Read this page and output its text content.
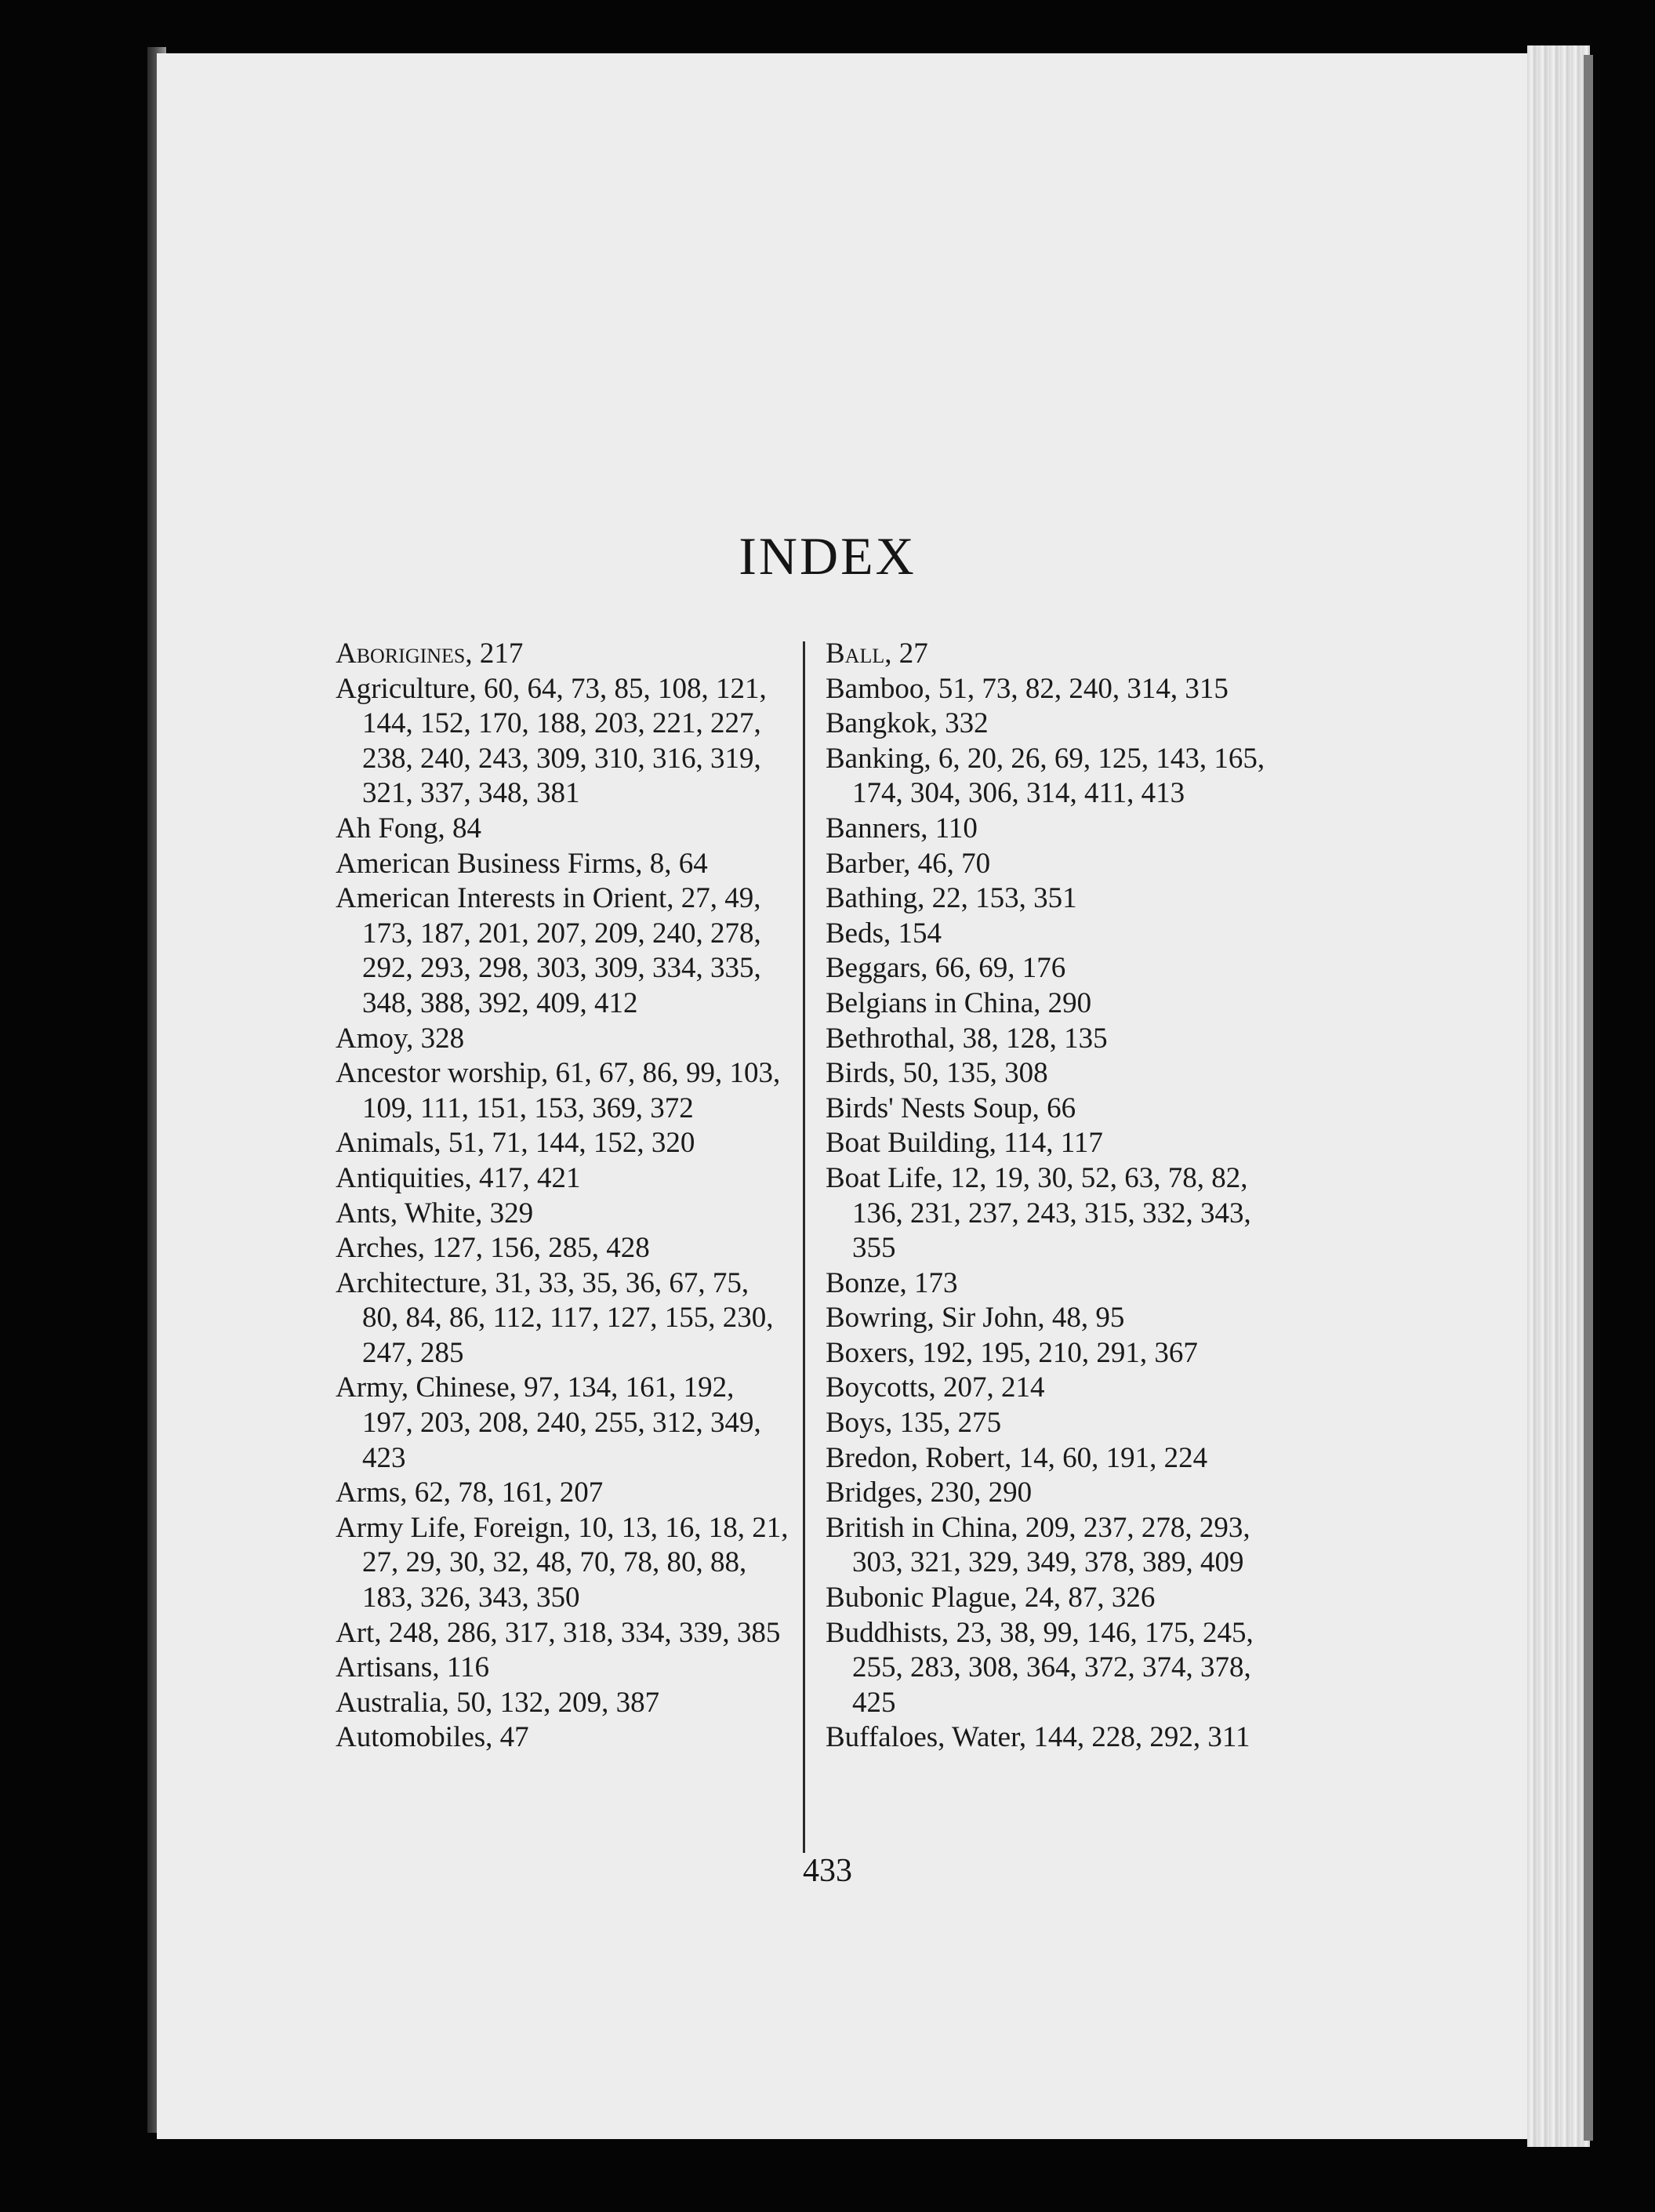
INDEX

Aborigines, 217

Agriculture, 60, 64, 73, 85, 108, 121, 144, 152, 170, 188, 203, 221, 227, 238, 240, 243, 309, 310, 316, 319, 321, 337, 348, 381

Ah Fong, 84

American Business Firms, 8, 64

American Interests in Orient, 27, 49, 173, 187, 201, 207, 209, 240, 278, 292, 293, 298, 303, 309, 334, 335, 348, 388, 392, 409, 412

Amoy, 328

Ancestor worship, 61, 67, 86, 99, 103, 109, 111, 151, 153, 369, 372

Animals, 51, 71, 144, 152, 320

Antiquities, 417, 421

Ants, White, 329

Arches, 127, 156, 285, 428

Architecture, 31, 33, 35, 36, 67, 75, 80, 84, 86, 112, 117, 127, 155, 230, 247, 285

Army, Chinese, 97, 134, 161, 192, 197, 203, 208, 240, 255, 312, 349, 423

Arms, 62, 78, 161, 207

Army Life, Foreign, 10, 13, 16, 18, 21, 27, 29, 30, 32, 48, 70, 78, 80, 88, 183, 326, 343, 350

Art, 248, 286, 317, 318, 334, 339, 385

Artisans, 116

Australia, 50, 132, 209, 387

Automobiles, 47

Ball, 27

Bamboo, 51, 73, 82, 240, 314, 315

Bangkok, 332

Banking, 6, 20, 26, 69, 125, 143, 165, 174, 304, 306, 314, 411, 413

Banners, 110

Barber, 46, 70

Bathing, 22, 153, 351

Beds, 154

Beggars, 66, 69, 176

Belgians in China, 290

Bethrothal, 38, 128, 135

Birds, 50, 135, 308

Birds' Nests Soup, 66

Boat Building, 114, 117

Boat Life, 12, 19, 30, 52, 63, 78, 82, 136, 231, 237, 243, 315, 332, 343, 355

Bonze, 173

Bowring, Sir John, 48, 95

Boxers, 192, 195, 210, 291, 367

Boycotts, 207, 214

Boys, 135, 275

Bredon, Robert, 14, 60, 191, 224

Bridges, 230, 290

British in China, 209, 237, 278, 293, 303, 321, 329, 349, 378, 389, 409

Bubonic Plague, 24, 87, 326

Buddhists, 23, 38, 99, 146, 175, 245, 255, 283, 308, 364, 372, 374, 378, 425

Buffaloes, Water, 144, 228, 292, 311

433
